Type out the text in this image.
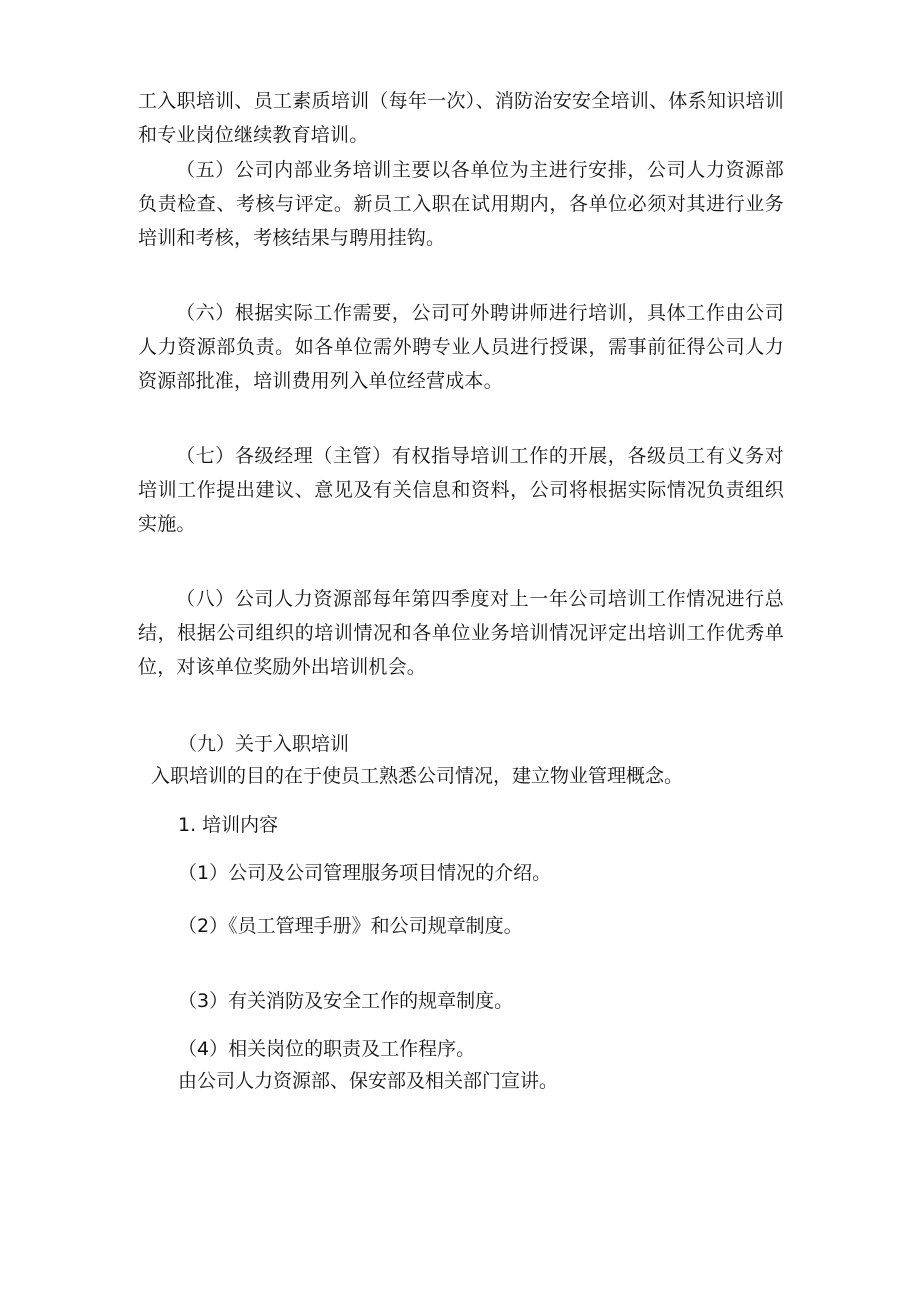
工入职培训、员工素质培训（每年一次）、消防治安安全培训、体系知识培训和专业岗位继续教育培训。

（五）公司内部业务培训主要以各单位为主进行安排，公司人力资源部负责检查、考核与评定。新员工入职在试用期内，各单位必须对其进行业务培训和考核，考核结果与聘用挂钩。

（六）根据实际工作需要，公司可外聘讲师进行培训，具体工作由公司人力资源部负责。如各单位需外聘专业人员进行授课，需事前征得公司人力资源部批准，培训费用列入单位经营成本。

（七）各级经理（主管）有权指导培训工作的开展，各级员工有义务对培训工作提出建议、意见及有关信息和资料，公司将根据实际情况负责组织实施。

（八）公司人力资源部每年第四季度对上一年公司培训工作情况进行总结，根据公司组织的培训情况和各单位业务培训情况评定出培训工作优秀单位，对该单位奖励外出培训机会。

（九）关于入职培训

入职培训的目的在于使员工熟悉公司情况，建立物业管理概念。

1. 培训内容

（1）公司及公司管理服务项目情况的介绍。

（2）《员工管理手册》和公司规章制度。

（3）有关消防及安全工作的规章制度。

（4）相关岗位的职责及工作程序。

由公司人力资源部、保安部及相关部门宣讲。
